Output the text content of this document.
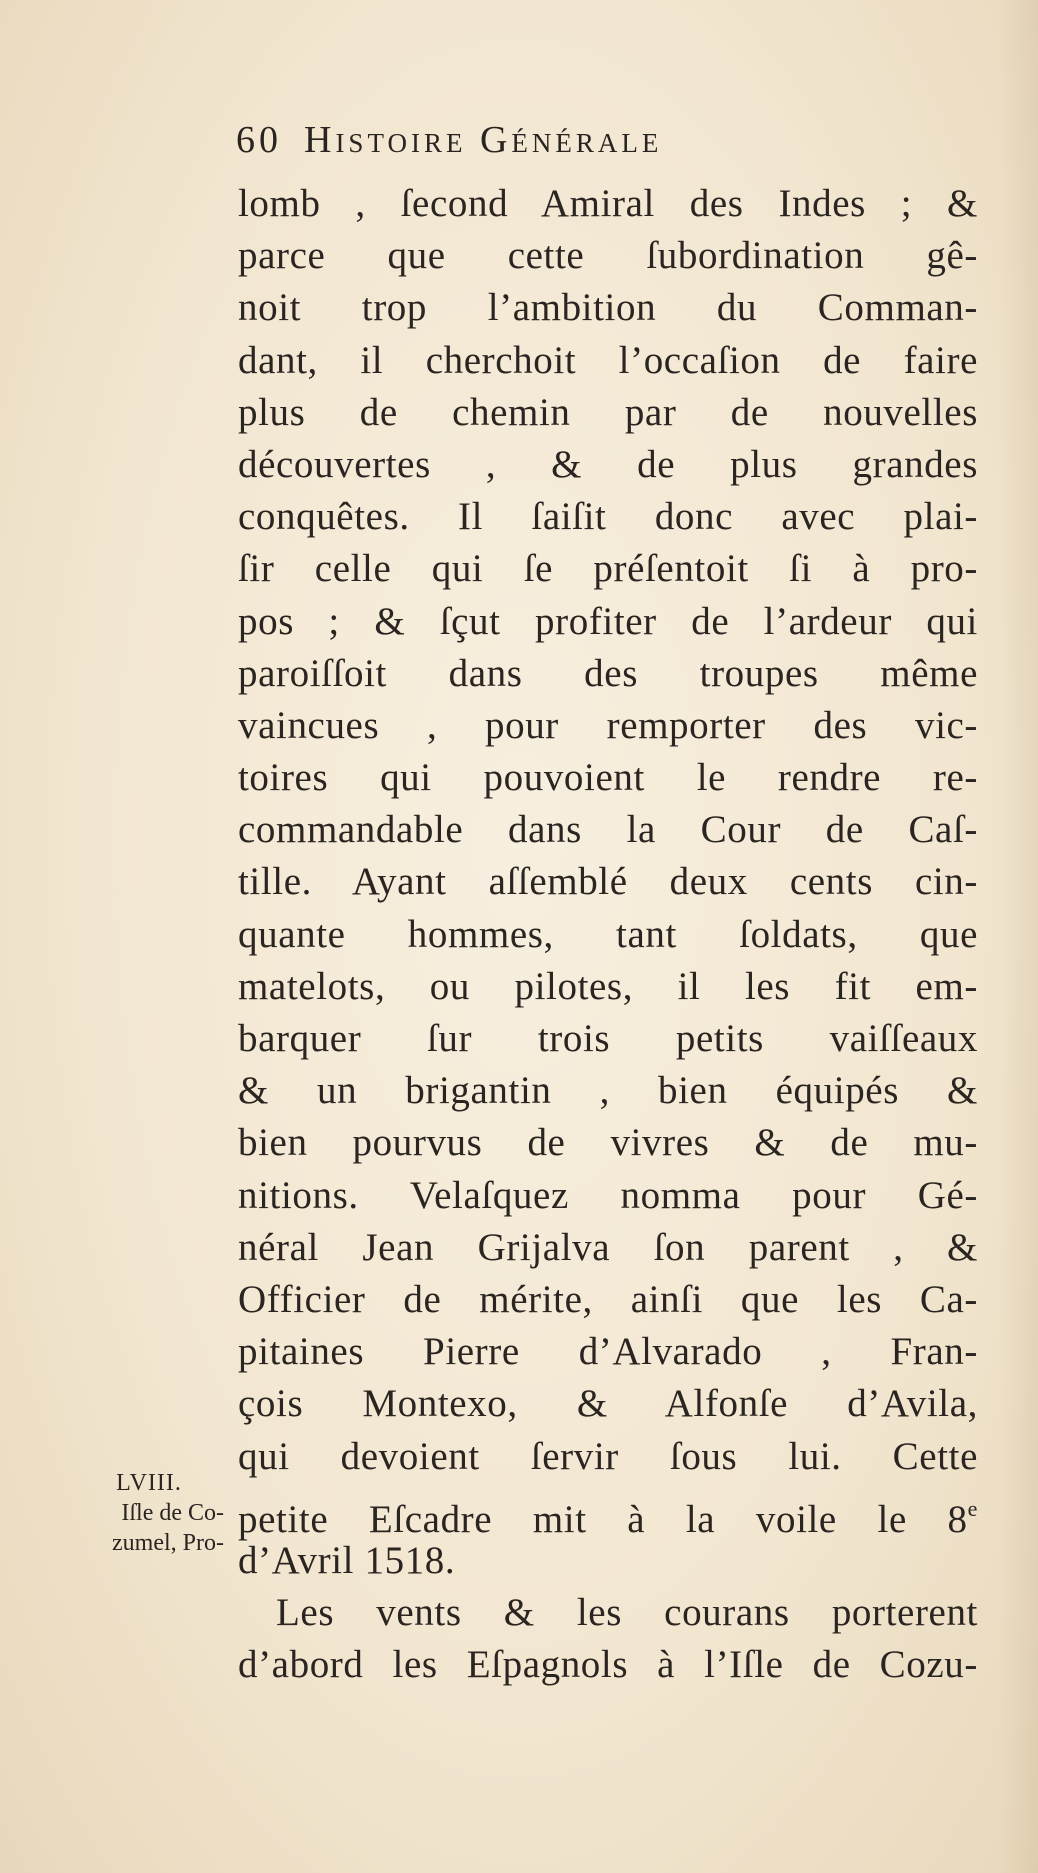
60 Histoire Générale
lomb , ſecond Amiral des Indes ; &
parce que cette ſubordination gê-
noit trop l’ambition du Comman-
dant, il cherchoit l’occaſion de faire
plus de chemin par de nouvelles
découvertes , & de plus grandes
conquêtes. Il ſaiſit donc avec plai-
ſir celle qui ſe préſentoit ſi à pro-
pos ; & ſçut profiter de l’ardeur qui
paroiſſoit dans des troupes même
vaincues , pour remporter des vic-
toires qui pouvoient le rendre re-
commandable dans la Cour de Caſ-
tille. Ayant aſſemblé deux cents cin-
quante hommes, tant ſoldats, que
matelots, ou pilotes, il les fit em-
barquer ſur trois petits vaiſſeaux
& un brigantin , bien équipés &
bien pourvus de vivres & de mu-
nitions. Velaſquez nomma pour Gé-
néral Jean Grijalva ſon parent , &
Officier de mérite, ainſi que les Ca-
pitaines Pierre d’Alvarado , Fran-
çois Montexo, & Alfonſe d’Avila,
qui devoient ſervir ſous lui. Cette
petite Eſcadre mit à la voile le 8e
d’Avril 1518.
Les vents & les courans porterent
d’abord les Eſpagnols à l’Iſle de Cozu-
LVIII.
Iſle de Co-
zumel, Pro-
